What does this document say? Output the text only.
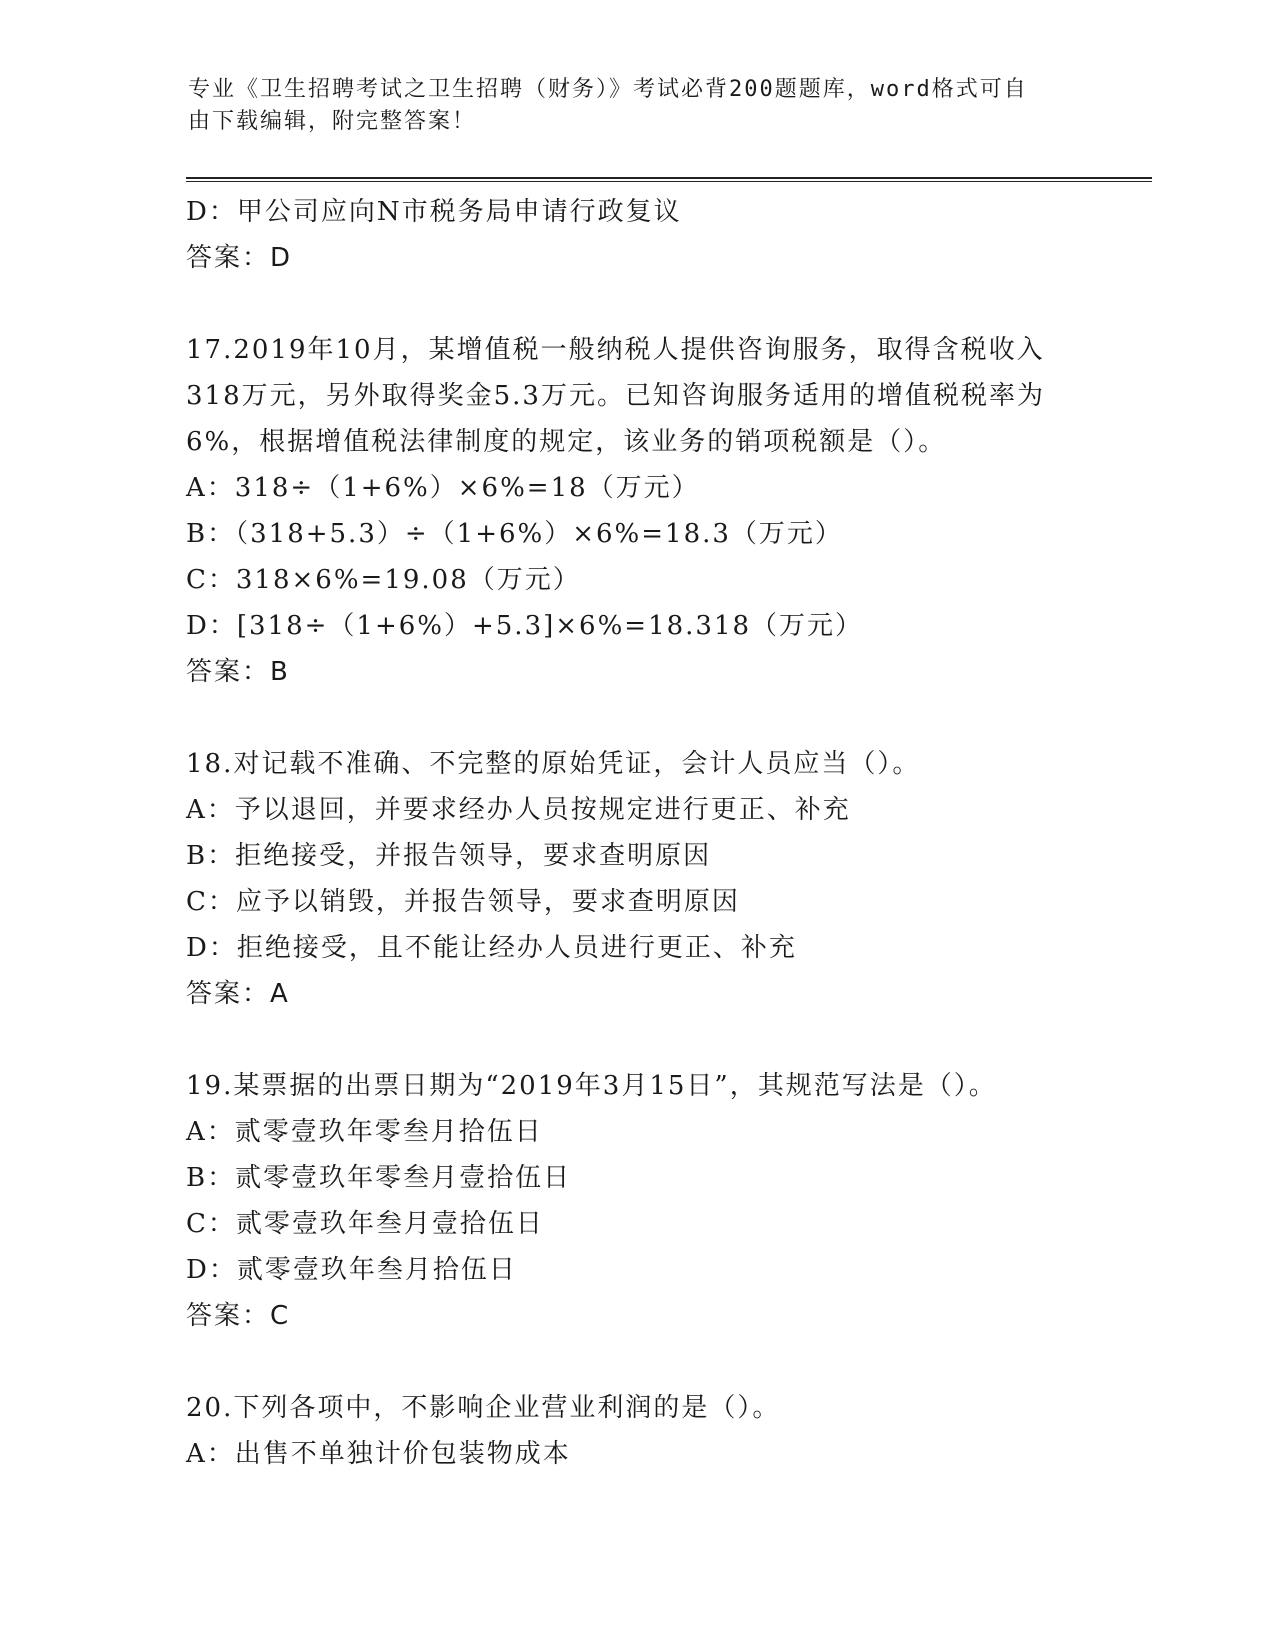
专业《卫生招聘考试之卫生招聘（财务）》考试必背200题题库，word格式可自
由下载编辑，附完整答案！
D：甲公司应向N市税务局申请行政复议
答案：D
17.2019年10月，某增值税一般纳税人提供咨询服务，取得含税收入
318万元，另外取得奖金5.3万元。已知咨询服务适用的增值税税率为
6%，根据增值税法律制度的规定，该业务的销项税额是（）。
A：318÷（1+6%）×6%=18（万元）
B：（318+5.3）÷（1+6%）×6%=18.3（万元）
C：318×6%=19.08（万元）
D：[318÷（1+6%）+5.3]×6%=18.318（万元）
答案：B
18.对记载不准确、不完整的原始凭证，会计人员应当（）。
A：予以退回，并要求经办人员按规定进行更正、补充
B：拒绝接受，并报告领导，要求查明原因
C：应予以销毁，并报告领导，要求查明原因
D：拒绝接受，且不能让经办人员进行更正、补充
答案：A
19.某票据的出票日期为“2019年3月15日”，其规范写法是（）。
A：贰零壹玖年零叁月拾伍日
B：贰零壹玖年零叁月壹拾伍日
C：贰零壹玖年叁月壹拾伍日
D：贰零壹玖年叁月拾伍日
答案：C
20.下列各项中，不影响企业营业利润的是（）。
A：出售不单独计价包装物成本
